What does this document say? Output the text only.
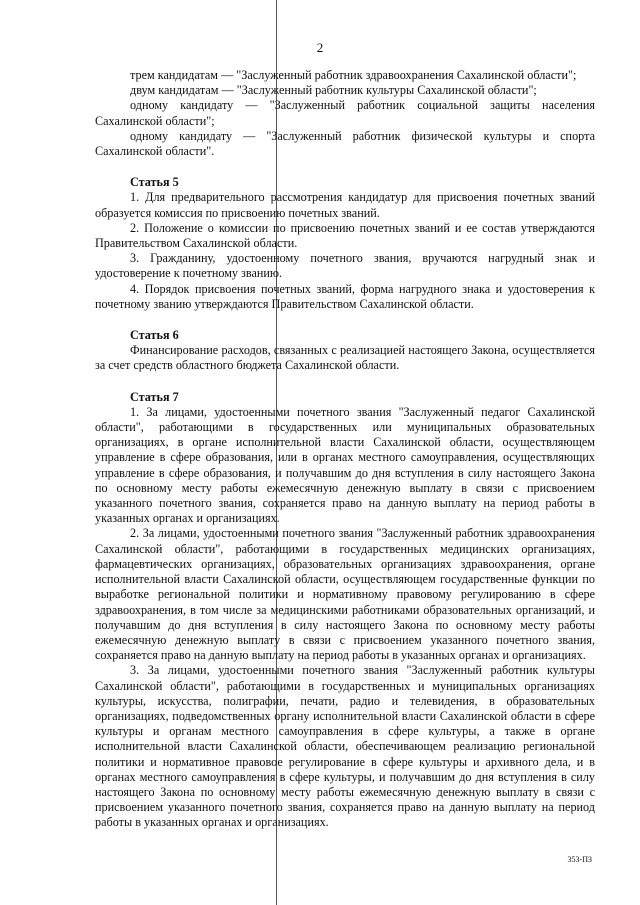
2

трем кандидатам — "Заслуженный работник здравоохранения Сахалинской области";

двум кандидатам — "Заслуженный работник культуры Сахалинской области";

одному кандидату — "Заслуженный работник социальной защиты населения Сахалинской области";

одному кандидату — "Заслуженный работник физической культуры и спорта Сахалинской области".

Статья 5

1. Для предварительного рассмотрения кандидатур для присвоения почетных званий образуется комиссия по присвоению почетных званий.

2. Положение о комиссии по присвоению почетных званий и ее состав утверждаются Правительством Сахалинской области.

3. Гражданину, удостоенному почетного звания, вручаются нагрудный знак и удостоверение к почетному званию.

4. Порядок присвоения почетных званий, форма нагрудного знака и удостоверения к почетному званию утверждаются Правительством Сахалинской области.

Статья 6

Финансирование расходов, связанных с реализацией настоящего Закона, осуществляется за счет средств областного бюджета Сахалинской области.

Статья 7

1. За лицами, удостоенными почетного звания "Заслуженный педагог Сахалинской области", работающими в государственных или муниципальных образовательных организациях, в органе исполнительной власти Сахалинской области, осуществляющем управление в сфере образования, или в органах местного самоуправления, осуществляющих управление в сфере образования, и получавшим до дня вступления в силу настоящего Закона по основному месту работы ежемесячную денежную выплату в связи с присвоением указанного почетного звания, сохраняется право на данную выплату на период работы в указанных органах и организациях.

2. За лицами, удостоенными почетного звания "Заслуженный работник здравоохранения Сахалинской области", работающими в государственных медицинских организациях, фармацевтических организациях, образовательных организациях здравоохранения, органе исполнительной власти Сахалинской области, осуществляющем государственные функции по выработке региональной политики и нормативному правовому регулированию в сфере здравоохранения, в том числе за медицинскими работниками образовательных организаций, и получавшим до дня вступления в силу настоящего Закона по основному месту работы ежемесячную денежную выплату в связи с присвоением указанного почетного звания, сохраняется право на данную выплату на период работы в указанных органах и организациях.

3. За лицами, удостоенными почетного звания "Заслуженный работник культуры Сахалинской области", работающими в государственных и муниципальных организациях культуры, искусства, полиграфии, печати, радио и телевидения, в образовательных организациях, подведомственных органу исполнительной власти Сахалинской области в сфере культуры и органам местного самоуправления в сфере культуры, а также в органе исполнительной власти Сахалинской области, обеспечивающем реализацию региональной политики и нормативное правовое регулирование в сфере культуры и архивного дела, и в органах местного самоуправления в сфере культуры, и получавшим до дня вступления в силу настоящего Закона по основному месту работы ежемесячную денежную выплату в связи с присвоением указанного почетного звания, сохраняется право на данную выплату на период работы в указанных органах и организациях.

353-ПЗ
